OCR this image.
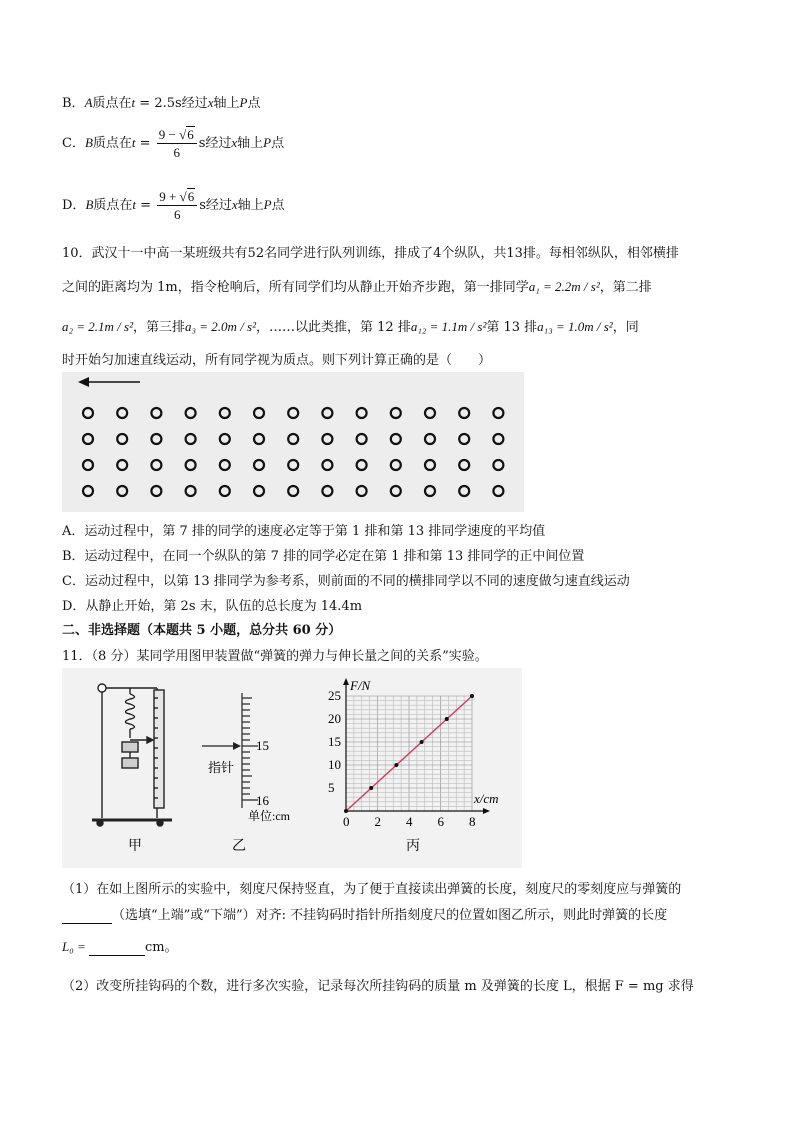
B．A质点在t = 2.5s经过x轴上P点
C．B质点在$t = \frac{9 - √6}{6}$ s经过x轴上P点
D．B质点在$t = \frac{9 + √6}{6}$ s经过x轴上P点
10．武汉十一中高一某班级共有52名同学进行队列训练，排成了4个纵队，共13排。每相邻纵队，相邻横排
之间的距离均为 1m，指令枪响后，所有同学们均从静止开始齐步跑，第一排同学a₁ = 2.2m / s²，第二排
a₂ = 2.1m / s²，第三排a₃ = 2.0m / s²，……以此类推，第 12 排a₁₂ = 1.1m / s²第 13 排a₁₃ = 1.0m / s²，同
时开始匀加速直线运动，所有同学视为质点。则下列计算正确的是（　　）
A．运动过程中，第 7 排的同学的速度必定等于第 1 排和第 13 排同学速度的平均值
B．运动过程中，在同一个纵队的第 7 排的同学必定在第 1 排和第 13 排同学的正中间位置
C．运动过程中，以第 13 排同学为参考系，则前面的不同的横排同学以不同的速度做匀速直线运动
D．从静止开始，第 2s 末，队伍的总长度为 14.4m
二、非选择题（本题共 5 小题，总分共 60 分）
11．（8 分）某同学用图甲装置做“弹簧的弹力与伸长量之间的关系”实验。
甲
15
16
指针
单位:cm
乙
0 2 4 6 8
5
10
15
20
25
x/cm
F/N
丙
（1）在如上图所示的实验中，刻度尺保持竖直，为了便于直接读出弹簧的长度，刻度尺的零刻度应与弹簧的
（选填“上端”或“下端”）对齐: 不挂钩码时指针所指刻度尺的位置如图乙所示，则此时弹簧的长度
L₀ =	cm。
（2）改变所挂钩码的个数，进行多次实验，记录每次所挂钩码的质量 m 及弹簧的长度 L，根据 F = mg 求得
